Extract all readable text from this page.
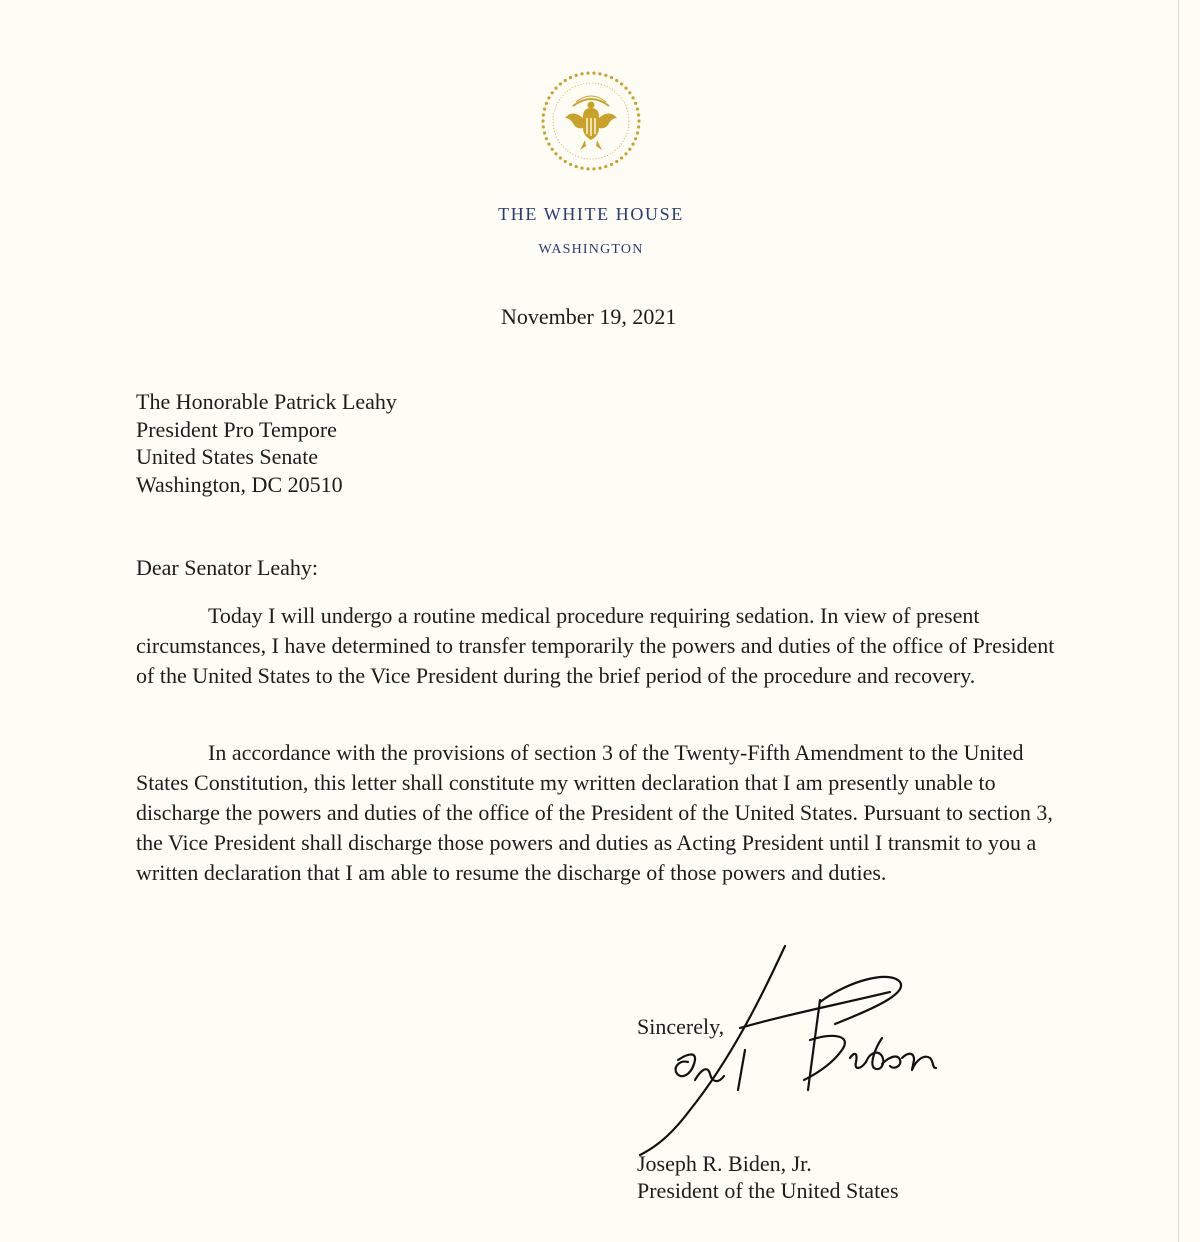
THE WHITE HOUSE
WASHINGTON
November 19, 2021
The Honorable Patrick Leahy
President Pro Tempore
United States Senate
Washington, DC 20510
Dear Senator Leahy:

Today I will undergo a routine medical procedure requiring sedation. In view of present circumstances, I have determined to transfer temporarily the powers and duties of the office of President of the United States to the Vice President during the brief period of the procedure and recovery.

In accordance with the provisions of section 3 of the Twenty-Fifth Amendment to the United States Constitution, this letter shall constitute my written declaration that I am presently unable to discharge the powers and duties of the office of the President of the United States. Pursuant to section 3, the Vice President shall discharge those powers and duties as Acting President until I transmit to you a written declaration that I am able to resume the discharge of those powers and duties.

Sincerely,
Joseph R. Biden, Jr.
President of the United States
